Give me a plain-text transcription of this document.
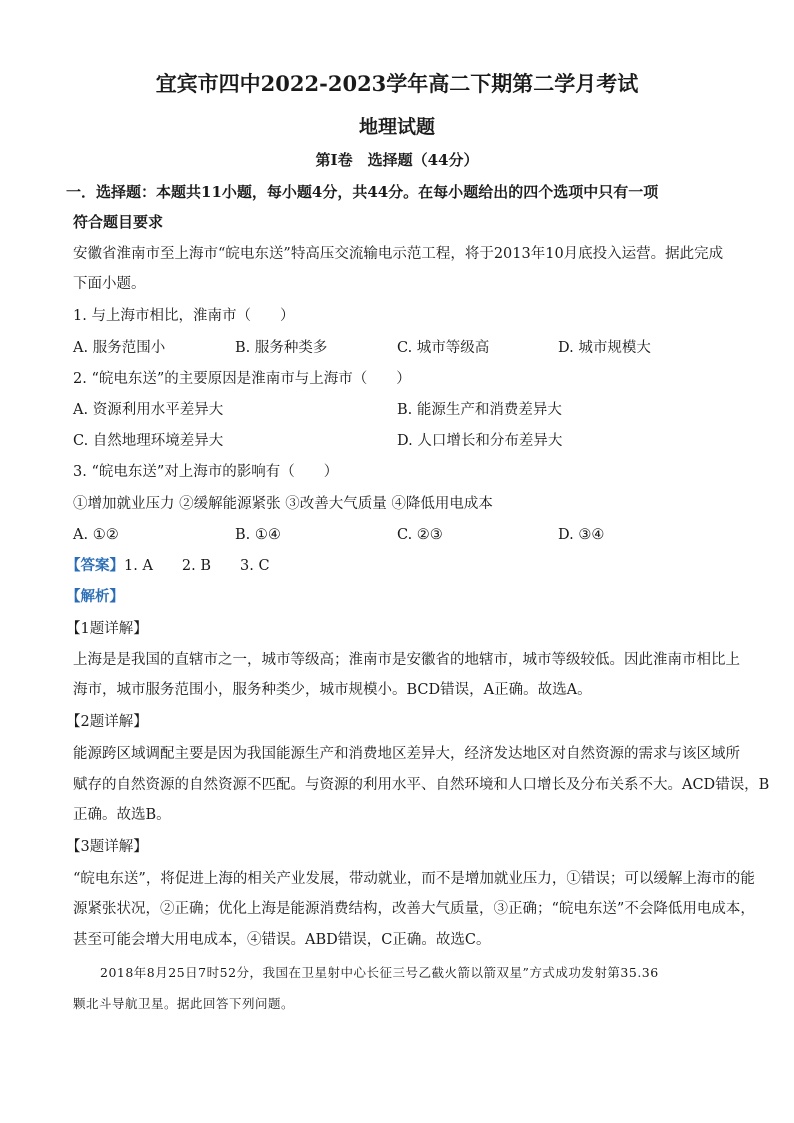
宜宾市四中2022-2023学年高二下期第二学月考试
地理试题
第I卷　选择题（44分）
一．选择题：本题共11小题，每小题4分，共44分。在每小题给出的四个选项中只有一项
符合题目要求
安徽省淮南市至上海市“皖电东送”特高压交流输电示范工程，将于2013年10月底投入运营。据此完成
下面小题。
1. 与上海市相比，淮南市（　　）
A. 服务范围小	B. 服务种类多	C. 城市等级高	D. 城市规模大
2. “皖电东送”的主要原因是淮南市与上海市（　　）
A. 资源利用水平差异大	B. 能源生产和消费差异大
C. 自然地理环境差异大	D. 人口增长和分布差异大
3. “皖电东送”对上海市的影响有（　　）
①增加就业压力 ②缓解能源紧张 ③改善大气质量 ④降低用电成本
A. ①②	B. ①④	C. ②③	D. ③④
【答案】1. A　　2. B　　3. C
【解析】
【1题详解】
上海是是我国的直辖市之一，城市等级高；淮南市是安徽省的地辖市，城市等级较低。因此淮南市相比上
海市，城市服务范围小，服务种类少，城市规模小。BCD错误，A正确。故选A。
【2题详解】
能源跨区域调配主要是因为我国能源生产和消费地区差异大，经济发达地区对自然资源的需求与该区域所
赋存的自然资源的自然资源不匹配。与资源的利用水平、自然环境和人口增长及分布关系不大。ACD错误，B
正确。故选B。
【3题详解】
“皖电东送”，将促进上海的相关产业发展，带动就业，而不是增加就业压力，①错误；可以缓解上海市的能
源紧张状况，②正确；优化上海是能源消费结构，改善大气质量，③正确；“皖电东送”不会降低用电成本，
甚至可能会增大用电成本，④错误。ABD错误，C正确。故选C。
2018年8月25日7时52分，我国在卫星射中心长征三号乙截火箭以箭双星”方式成功发射第35.36
颗北斗导航卫星。据此回答下列问题。
